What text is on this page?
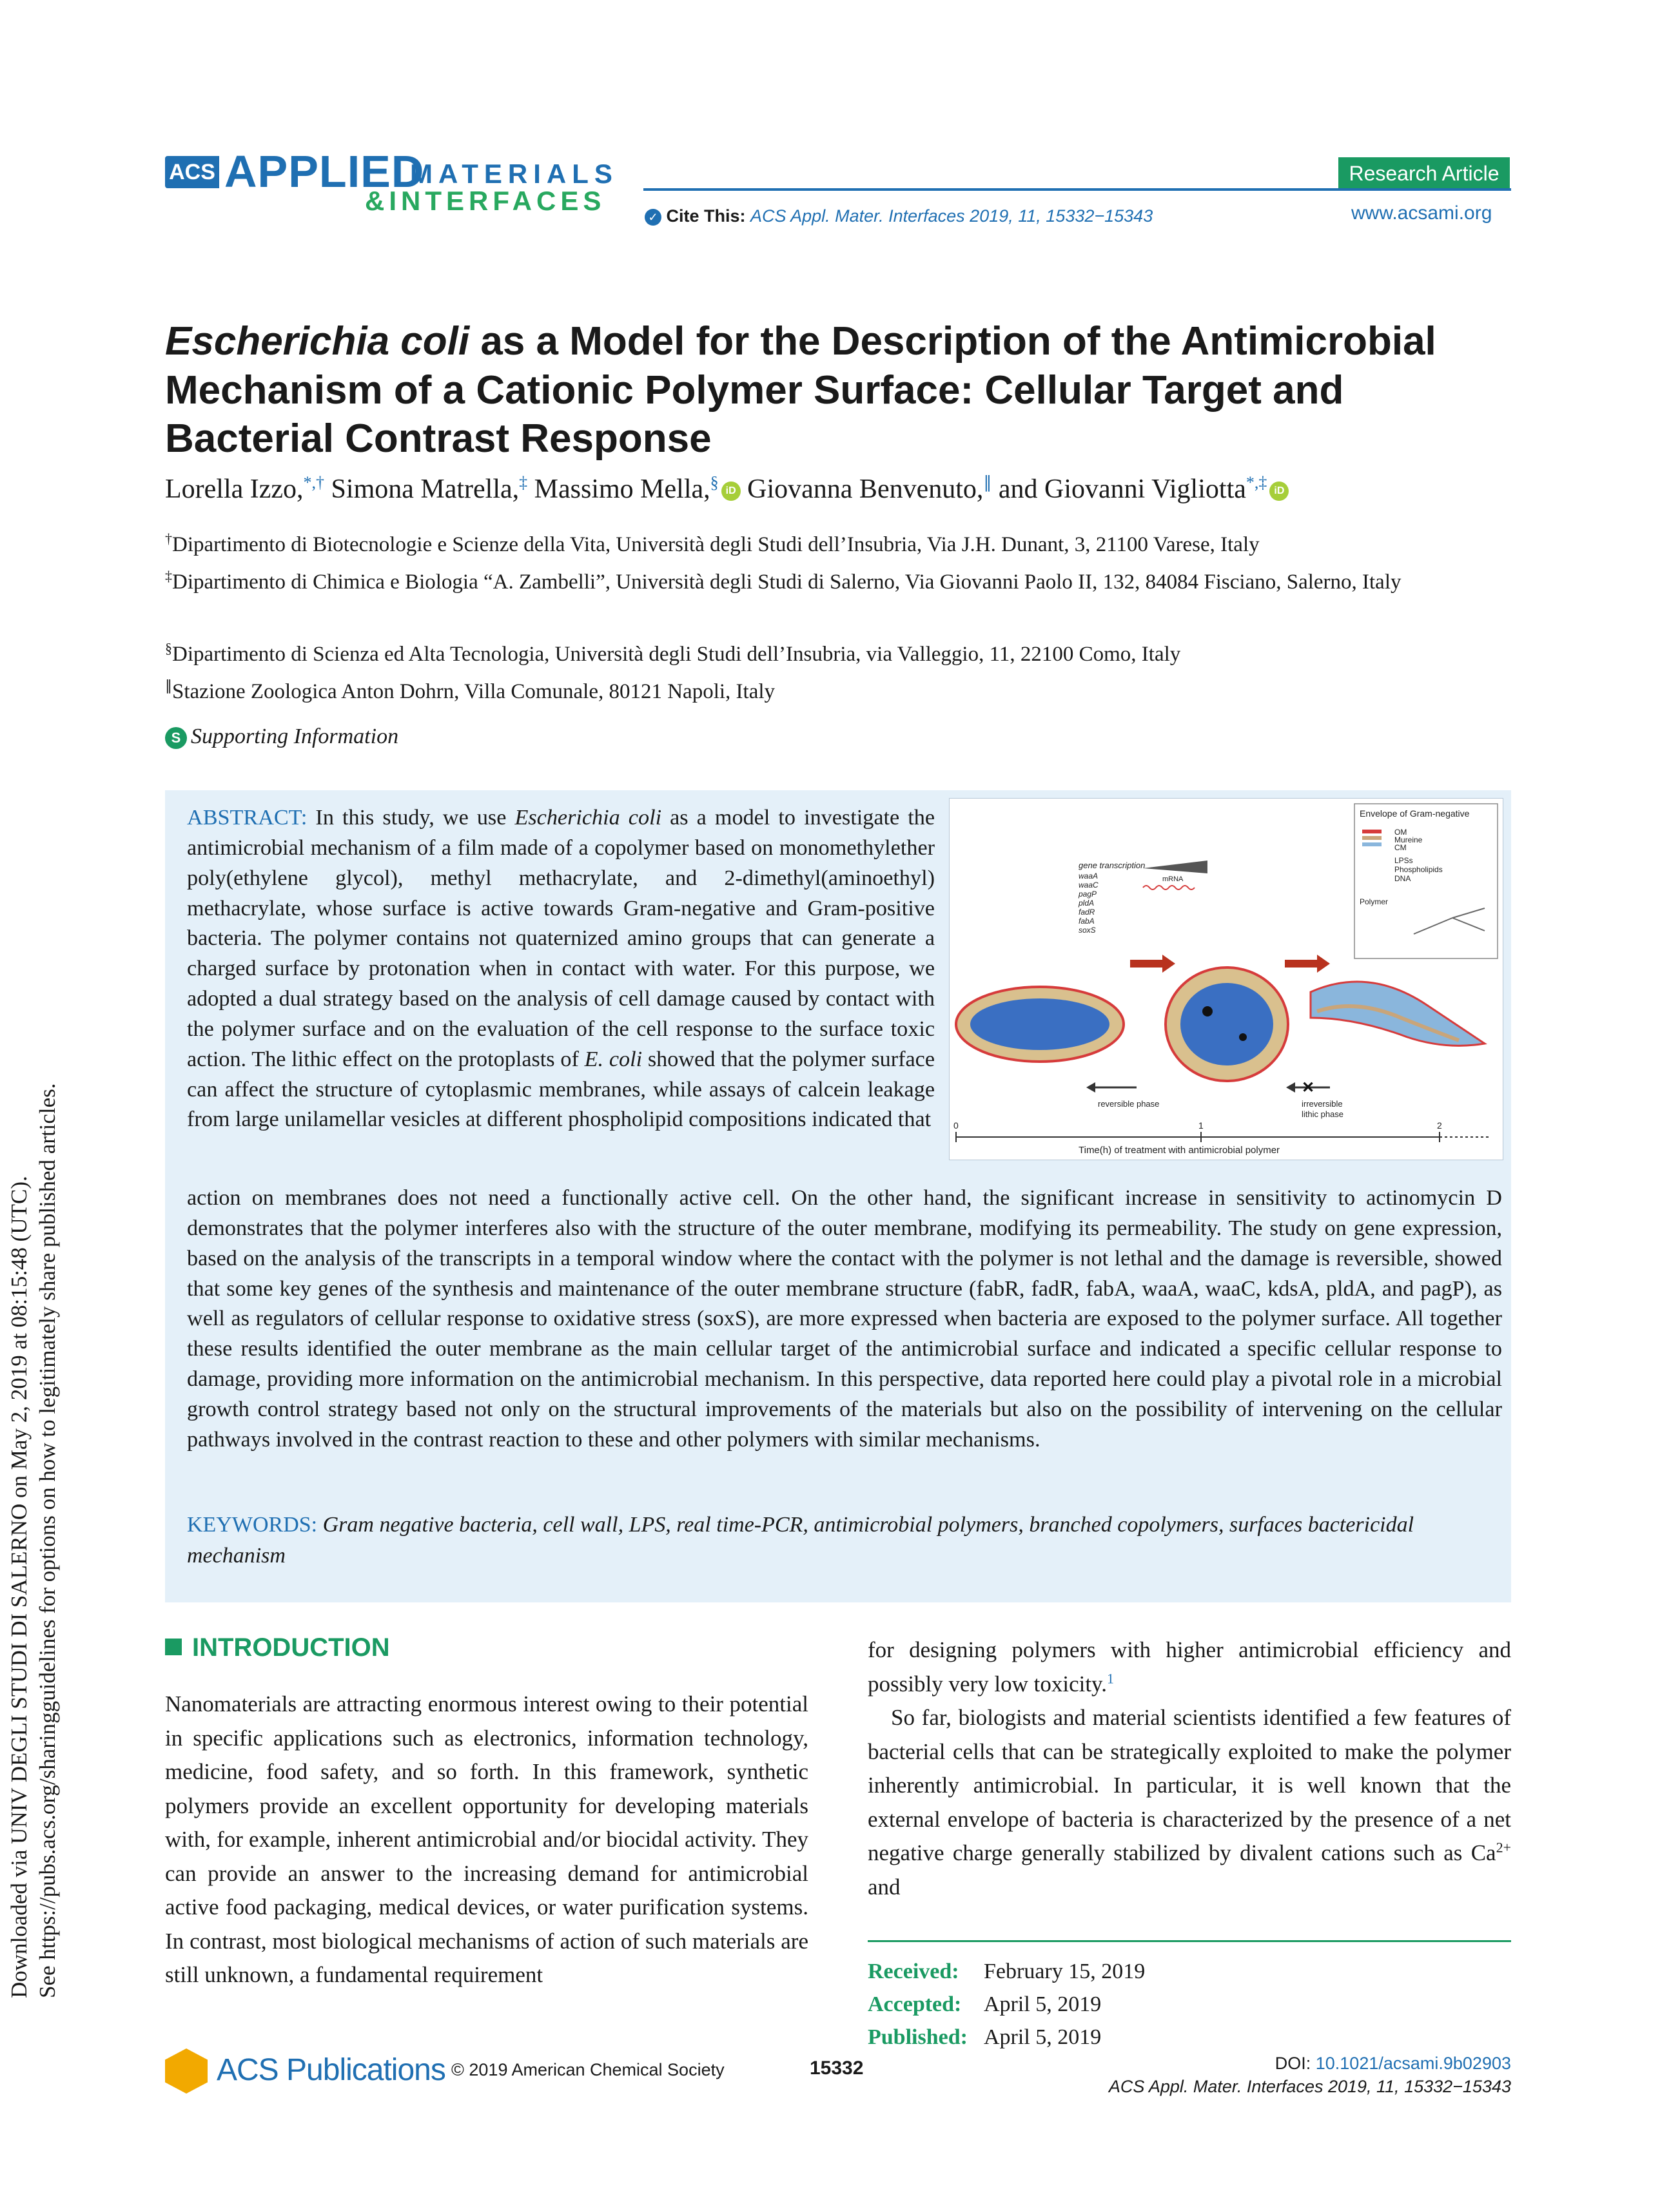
Downloaded via UNIV DEGLI STUDI DI SALERNO on May 2, 2019 at 08:15:48 (UTC). See https://pubs.acs.org/sharingguidelines for options on how to legitimately share published articles.
ACS APPLIED
MATERIALS
&INTERFACES
Research Article
✓ Cite This: ACS Appl. Mater. Interfaces 2019, 11, 15332−15343	www.acsami.org
Escherichia coli as a Model for the Description of the Antimicrobial Mechanism of a Cationic Polymer Surface: Cellular Target and Bacterial Contrast Response
Lorella Izzo,*,† Simona Matrella,‡ Massimo Mella,§ iD Giovanna Benvenuto,∥ and Giovanni Vigliotta*,‡ iD
†Dipartimento di Biotecnologie e Scienze della Vita, Università degli Studi dell’Insubria, Via J.H. Dunant, 3, 21100 Varese, Italy
‡Dipartimento di Chimica e Biologia “A. Zambelli”, Università degli Studi di Salerno, Via Giovanni Paolo II, 132, 84084 Fisciano, Salerno, Italy
§Dipartimento di Scienza ed Alta Tecnologia, Università degli Studi dell’Insubria, via Valleggio, 11, 22100 Como, Italy
∥Stazione Zoologica Anton Dohrn, Villa Comunale, 80121 Napoli, Italy
S Supporting Information
ABSTRACT: In this study, we use Escherichia coli as a model to investigate the antimicrobial mechanism of a film made of a copolymer based on monomethylether poly(ethylene glycol), methyl methacrylate, and 2-dimethyl(aminoethyl) methacrylate, whose surface is active towards Gram-negative and Gram-positive bacteria. The polymer contains not quaternized amino groups that can generate a charged surface by protonation when in contact with water. For this purpose, we adopted a dual strategy based on the analysis of cell damage caused by contact with the polymer surface and on the evaluation of the cell response to the surface toxic action. The lithic effect on the protoplasts of E. coli showed that the polymer surface can affect the structure of cytoplasmic membranes, while assays of calcein leakage from large unilamellar vesicles at different phospholipid compositions indicated that
action on membranes does not need a functionally active cell. On the other hand, the significant increase in sensitivity to actinomycin D demonstrates that the polymer interferes also with the structure of the outer membrane, modifying its permeability. The study on gene expression, based on the analysis of the transcripts in a temporal window where the contact with the polymer is not lethal and the damage is reversible, showed that some key genes of the synthesis and maintenance of the outer membrane structure (fabR, fadR, fabA, waaA, waaC, kdsA, pldA, and pagP), as well as regulators of cellular response to oxidative stress (soxS), are more expressed when bacteria are exposed to the polymer surface. All together these results identified the outer membrane as the main cellular target of the antimicrobial surface and indicated a specific cellular response to damage, providing more information on the antimicrobial mechanism. In this perspective, data reported here could play a pivotal role in a microbial growth control strategy based not only on the structural improvements of the materials but also on the possibility of intervening on the cellular pathways involved in the contrast reaction to these and other polymers with similar mechanisms.
KEYWORDS: Gram negative bacteria, cell wall, LPS, real time-PCR, antimicrobial polymers, branched copolymers, surfaces bactericidal mechanism
Envelope of Gram-negative
OM
Mureine
CM
LPSs
Phospholipids
DNA
Polymer
gene transcription
mRNA
waaA
waaC
pagP
pldA
fadR
fabA
soxS
reversible phase
✕
irreversible
lithic phase
0	1	2
Time(h) of treatment with antimicrobial polymer
INTRODUCTION

Nanomaterials are attracting enormous interest owing to their potential in specific applications such as electronics, information technology, medicine, food safety, and so forth. In this framework, synthetic polymers provide an excellent opportunity for developing materials with, for example, inherent antimicrobial and/or biocidal activity. They can provide an answer to the increasing demand for antimicrobial active food packaging, medical devices, or water purification systems. In contrast, most biological mechanisms of action of such materials are still unknown, a fundamental requirement

for designing polymers with higher antimicrobial efficiency and possibly very low toxicity.$^1$

So far, biologists and material scientists identified a few features of bacterial cells that can be strategically exploited to make the polymer inherently antimicrobial. In particular, it is well known that the external envelope of bacteria is characterized by the presence of a net negative charge generally stabilized by divalent cations such as $Ca^{2+}$ and

Received: February 15, 2019
Accepted: April 5, 2019
Published: April 5, 2019
ACS Publications © 2019 American Chemical Society	15332	DOI: 10.1021/acsami.9b02903
ACS Appl. Mater. Interfaces 2019, 11, 15332−15343
